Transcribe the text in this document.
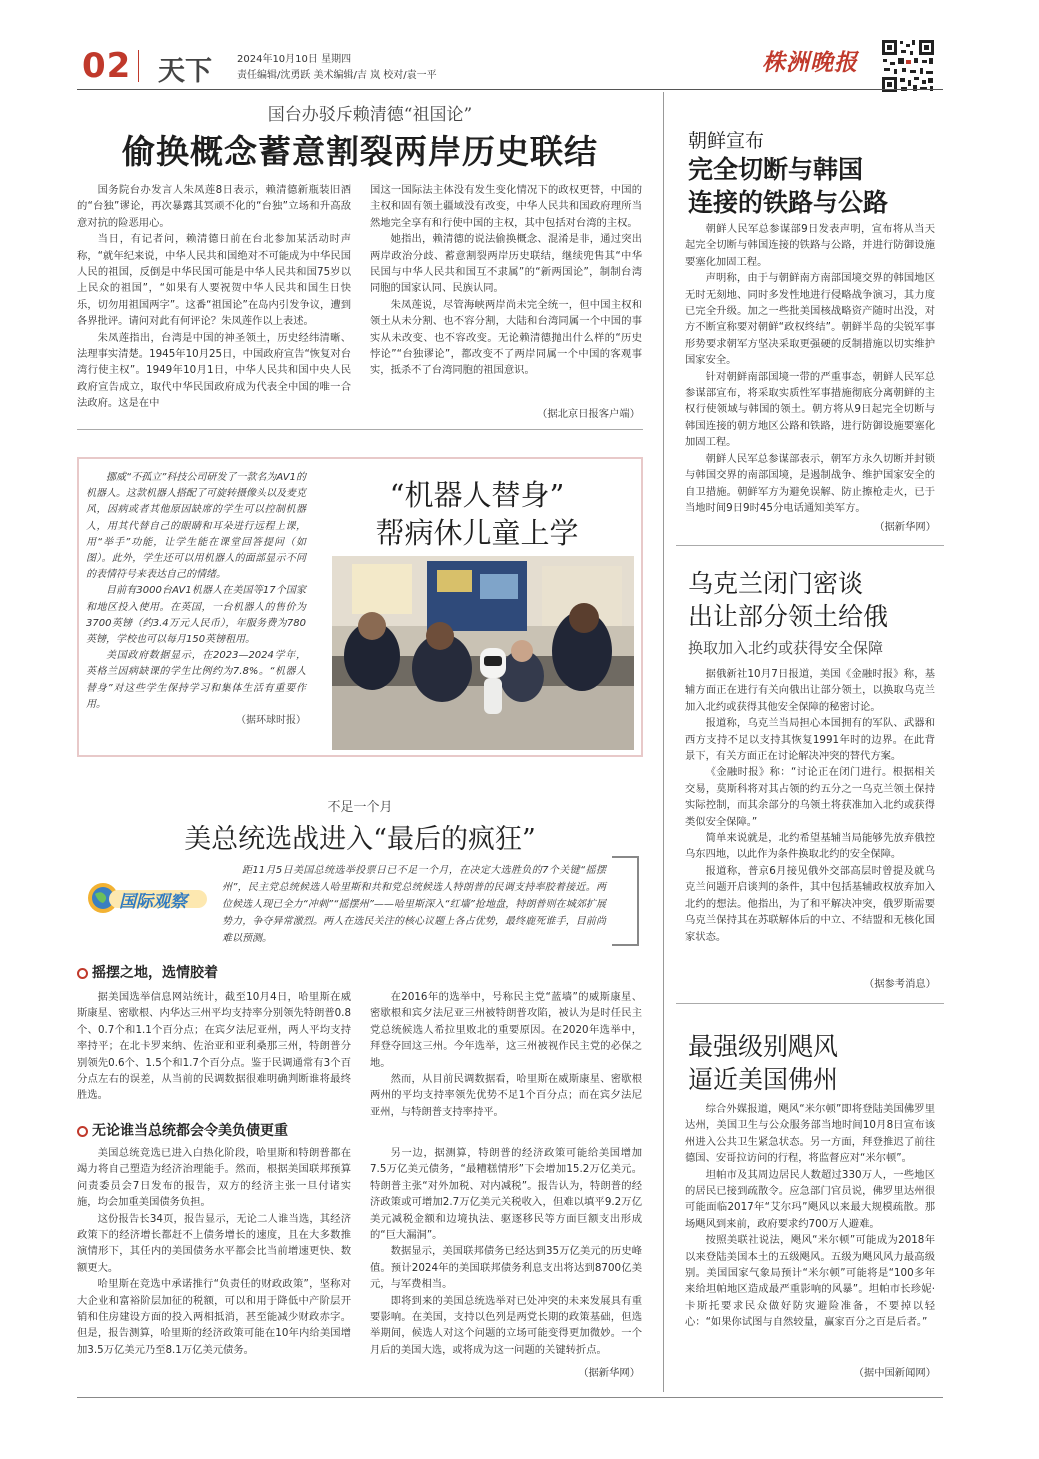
02 天下	2024年10月10日 星期四
责任编辑/沈勇跃 美术编辑/吉 岚 校对/袁一平	株洲晚报
国台办驳斥赖清德“祖国论”
偷换概念蓄意割裂两岸历史联结

国务院台办发言人朱凤莲8日表示，赖清德新瓶装旧酒的“台独”谬论，再次暴露其冥顽不化的“台独”立场和升高敌意对抗的险恶用心。

当日，有记者问，赖清德日前在台北参加某活动时声称，“就年纪来说，中华人民共和国绝对不可能成为中华民国人民的祖国，反倒是中华民国可能是中华人民共和国75岁以上民众的祖国”，“如果有人要祝贺中华人民共和国生日快乐，切勿用祖国两字”。这番“祖国论”在岛内引发争议，遭到各界批评。请问对此有何评论？朱凤莲作以上表述。

朱凤莲指出，台湾是中国的神圣领土，历史经纬清晰、法理事实清楚。1945年10月25日，中国政府宣告“恢复对台湾行使主权”。1949年10月1日，中华人民共和国中央人民政府宣告成立，取代中华民国政府成为代表全中国的唯一合法政府。这是在中

国这一国际法主体没有发生变化情况下的政权更替，中国的主权和固有领土疆域没有改变，中华人民共和国政府理所当然地完全享有和行使中国的主权，其中包括对台湾的主权。

她指出，赖清德的说法偷换概念、混淆是非，通过突出两岸政治分歧、蓄意割裂两岸历史联结，继续兜售其“中华民国与中华人民共和国互不隶属”的“新两国论”，制制台湾同胞的国家认同、民族认同。

朱凤莲说，尽管海峡两岸尚未完全统一，但中国主权和领土从未分割、也不容分割，大陆和台湾同属一个中国的事实从未改变、也不容改变。无论赖清德抛出什么样的“历史悖论”“台独谬论”，都改变不了两岸同属一个中国的客观事实，抵杀不了台湾同胞的祖国意识。

（据北京日报客户端）

挪威“不孤立”科技公司研发了一款名为AV1的机器人。这款机器人搭配了可旋转摄像头以及麦克风，因病或者其他原因缺席的学生可以控制机器人，用其代替自己的眼睛和耳朵进行远程上课，用“举手”功能，让学生能在课堂回答提问（如图）。此外，学生还可以用机器人的面部显示不同的表情符号来表达自己的情绪。

目前有3000台AV1机器人在美国等17个国家和地区投入使用。在英国，一台机器人的售价为3700英镑（约3.4万元人民币），年服务费为780英镑，学校也可以每月150英镑租用。

美国政府数据显示，在2023—2024学年，英格兰因病缺课的学生比例约为7.8%。“机器人替身”对这些学生保持学习和集体生活有重要作用。

（据环球时报）
“机器人替身”
帮病休儿童上学
不足一个月
美总统选战进入“最后的疯狂”
国际观察

距11月5日美国总统选举投票日已不足一个月，在决定大选胜负的7个关键“摇摆州”，民主党总统候选人哈里斯和共和党总统候选人特朗普的民调支持率胶着接近。两位候选人现已全力“冲刺”“摇摆州”——哈里斯深入“红墙”抢地盘，特朗普则在城郊扩展势力，争夺异常激烈。两人在选民关注的核心议题上各占优势，最终鹿死谁手，目前尚难以预测。

摇摆之地，选情胶着

据美国选举信息网站统计，截至10月4日，哈里斯在威斯康星、密歇根、内华达三州平均支持率分别领先特朗普0.8个、0.7个和1.1个百分点；在宾夕法尼亚州，两人平均支持率持平；在北卡罗来纳、佐治亚和亚利桑那三州，特朗普分别领先0.6个、1.5个和1.7个百分点。鉴于民调通常有3个百分点左右的误差，从当前的民调数据很难明确判断谁将最终胜选。

在2016年的选举中，号称民主党“蓝墙”的威斯康星、密歇根和宾夕法尼亚三州被特朗普攻陷，被认为是时任民主党总统候选人希拉里败北的重要原因。在2020年选举中，拜登夺回这三州。今年选举，这三州被视作民主党的必保之地。

然而，从目前民调数据看，哈里斯在威斯康星、密歇根两州的平均支持率领先优势不足1个百分点；而在宾夕法尼亚州，与特朗普支持率持平。

无论谁当总统都会令美负债更重

美国总统竞选已进入白热化阶段，哈里斯和特朗普都在竭力将自己塑造为经济治理能手。然而，根据美国联邦预算问责委员会7日发布的报告，双方的经济主张一旦付诸实施，均会加重美国债务负担。

这份报告长34页，报告显示，无论二人谁当选，其经济政策下的经济增长都赶不上债务增长的速度，且在大多数推演情形下，其任内的美国债务水平都会比当前增速更快、数额更大。

哈里斯在竞选中承诺推行“负责任的财政政策”，坚称对大企业和富裕阶层加征的税额，可以和用于降低中产阶层开销和住房建设方面的投入两相抵消，甚至能减少财政赤字。但是，报告测算，哈里斯的经济政策可能在10年内给美国增加3.5万亿美元乃至8.1万亿美元债务。

另一边，据测算，特朗普的经济政策可能给美国增加7.5万亿美元债务，“最糟糕情形”下会增加15.2万亿美元。特朗普主张“对外加税、对内减税”。报告认为，特朗普的经济政策或可增加2.7万亿美元关税收入，但难以填平9.2万亿美元减税金额和边境执法、驱逐移民等方面巨额支出形成的“巨大漏洞”。

数据显示，美国联邦债务已经达到35万亿美元的历史峰值。预计2024年的美国联邦债务利息支出将达到8700亿美元，与军费相当。

即将到来的美国总统选举对已处冲突的未来发展具有重要影响。在美国，支持以色列是两党长期的政策基础，但选举期间，候选人对这个问题的立场可能变得更加微妙。一个月后的美国大选，或将成为这一问题的关键转折点。

（据新华网）
朝鲜宣布
完全切断与韩国
连接的铁路与公路

朝鲜人民军总参谋部9日发表声明，宣布将从当天起完全切断与韩国连接的铁路与公路，并进行防御设施要塞化加固工程。

声明称，由于与朝鲜南方南部国境交界的韩国地区无时无刻地、同时多发性地进行侵略战争演习，其力度已完全升级。加之一些批美国核战略资产随时出没，对方不断宣称要对朝鲜“政权终结”。朝鲜半岛的尖锐军事形势要求朝军方坚决采取更强硬的反制措施以切实维护国家安全。

针对朝鲜南部国境一带的严重事态，朝鲜人民军总参谋部宣布，将采取实质性军事措施彻底分离朝鲜的主权行使领域与韩国的领土。朝方将从9日起完全切断与韩国连接的朝方地区公路和铁路，进行防御设施要塞化加固工程。

朝鲜人民军总参谋部表示，朝军方永久切断并封锁与韩国交界的南部国境，是遏制战争、维护国家安全的自卫措施。朝鲜军方为避免误解、防止擦枪走火，已于当地时间9日9时45分电话通知美军方。

（据新华网）
乌克兰闭门密谈
出让部分领土给俄
换取加入北约或获得安全保障

据俄新社10月7日报道，美国《金融时报》称，基辅方面正在进行有关向俄出让部分领土，以换取乌克兰加入北约或获得其他安全保障的秘密讨论。

报道称，乌克兰当局担心本国拥有的军队、武器和西方支持不足以支持其恢复1991年时的边界。在此背景下，有关方面正在讨论解决冲突的替代方案。

《金融时报》称：“讨论正在闭门进行。根据相关交易，莫斯科将对其占领的约五分之一乌克兰领土保持实际控制，而其余部分的乌领土将获准加入北约或获得类似安全保障。”

简单来说就是，北约希望基辅当局能够先放弃俄控乌东四地，以此作为条件换取北约的安全保障。

报道称，普京6月接见俄外交部高层时曾提及就乌克兰问题开启谈判的条件，其中包括基辅政权放弃加入北约的想法。他指出，为了和平解决冲突，俄罗斯需要乌克兰保持其在苏联解体后的中立、不结盟和无核化国家状态。

（据参考消息）
最强级别飓风
逼近美国佛州

综合外媒报道，飓风“米尔顿”即将登陆美国佛罗里达州，美国卫生与公众服务部当地时间10月8日宣布该州进入公共卫生紧急状态。另一方面，拜登推迟了前往德国、安哥拉访问的行程，将监督应对“米尔顿”。

坦帕市及其周边居民人数超过330万人，一些地区的居民已接到疏散令。应急部门官员说，佛罗里达州很可能面临2017年“艾尔玛”飓风以来最大规模疏散。那场飓风到来前，政府要求约700万人避难。

按照美联社说法，飓风“米尔顿”可能成为2018年以来登陆美国本土的五级飓风。五级为飓风风力最高级别。美国国家气象局预计“米尔顿”可能将是“100多年来给坦帕地区造成最严重影响的风暴”。坦帕市长珍妮·卡斯托要求民众做好防灾避险准备，不要掉以轻心：“如果你试图与自然较量，赢家百分之百是后者。”

（据中国新闻网）
